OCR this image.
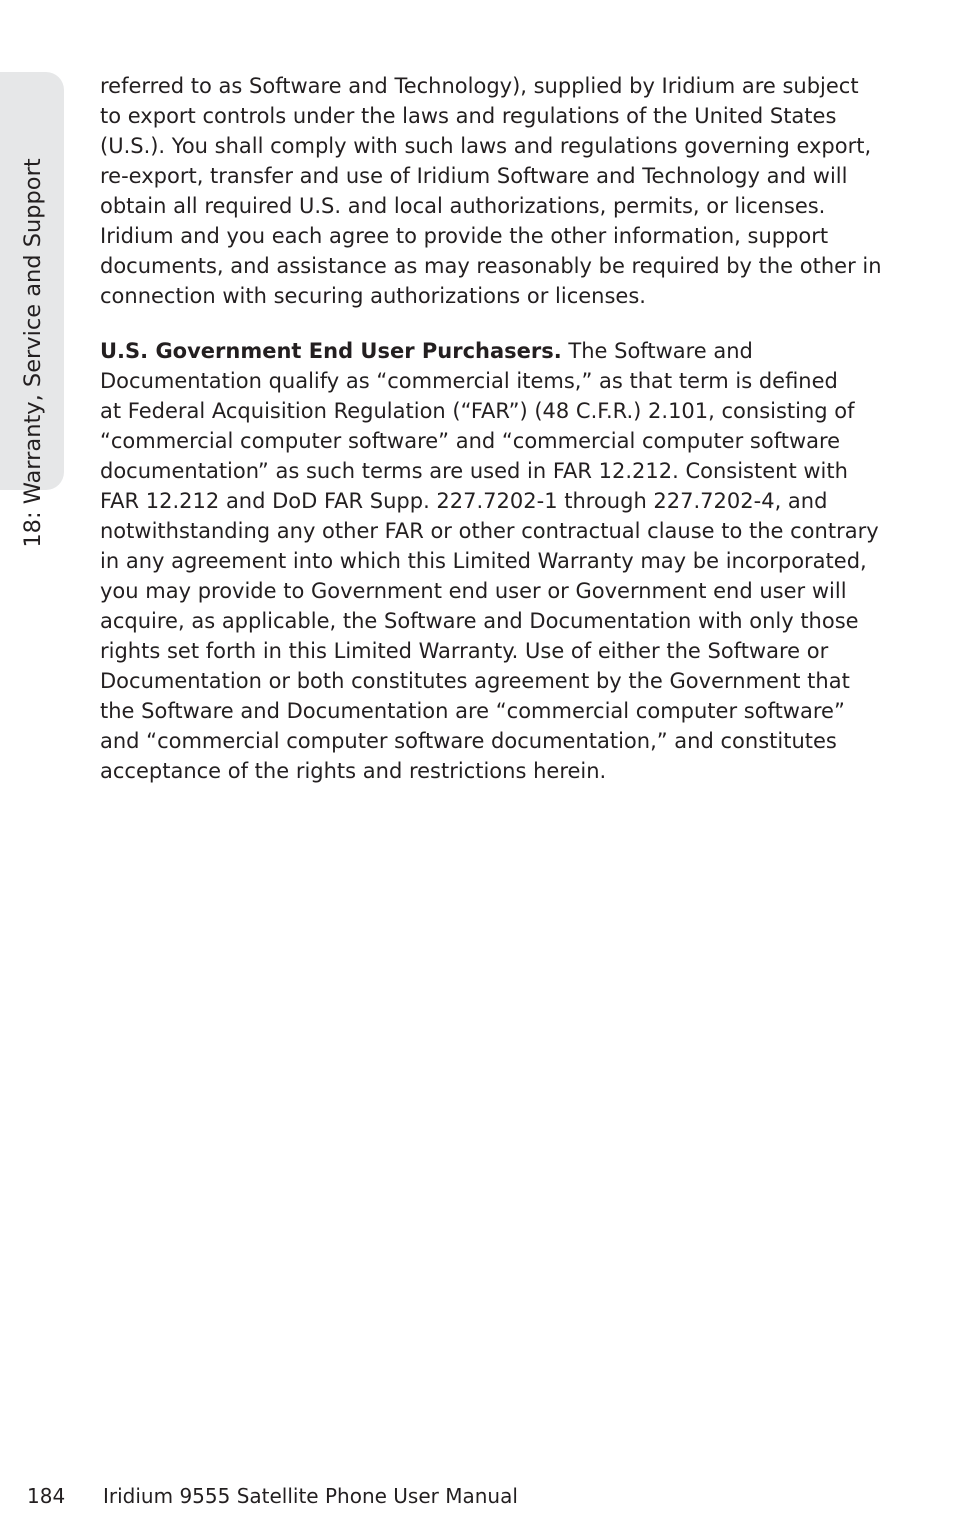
18: Warranty, Service and Support

referred to as Software and Technology), supplied by Iridium are subject
to export controls under the laws and regulations of the United States
(U.S.). You shall comply with such laws and regulations governing export,
re-export, transfer and use of Iridium Software and Technology and will
obtain all required U.S. and local authorizations, permits, or licenses.
Iridium and you each agree to provide the other information, support
documents, and assistance as may reasonably be required by the other in
connection with securing authorizations or licenses.

U.S. Government End User Purchasers. The Software and
Documentation qualify as “commercial items,” as that term is defined
at Federal Acquisition Regulation (“FAR”) (48 C.F.R.) 2.101, consisting of
“commercial computer software” and “commercial computer software
documentation” as such terms are used in FAR 12.212. Consistent with
FAR 12.212 and DoD FAR Supp. 227.7202-1 through 227.7202-4, and
notwithstanding any other FAR or other contractual clause to the contrary
in any agreement into which this Limited Warranty may be incorporated,
you may provide to Government end user or Government end user will
acquire, as applicable, the Software and Documentation with only those
rights set forth in this Limited Warranty. Use of either the Software or
Documentation or both constitutes agreement by the Government that
the Software and Documentation are “commercial computer software”
and “commercial computer software documentation,” and constitutes
acceptance of the rights and restrictions herein.

184 Iridium 9555 Satellite Phone User Manual
